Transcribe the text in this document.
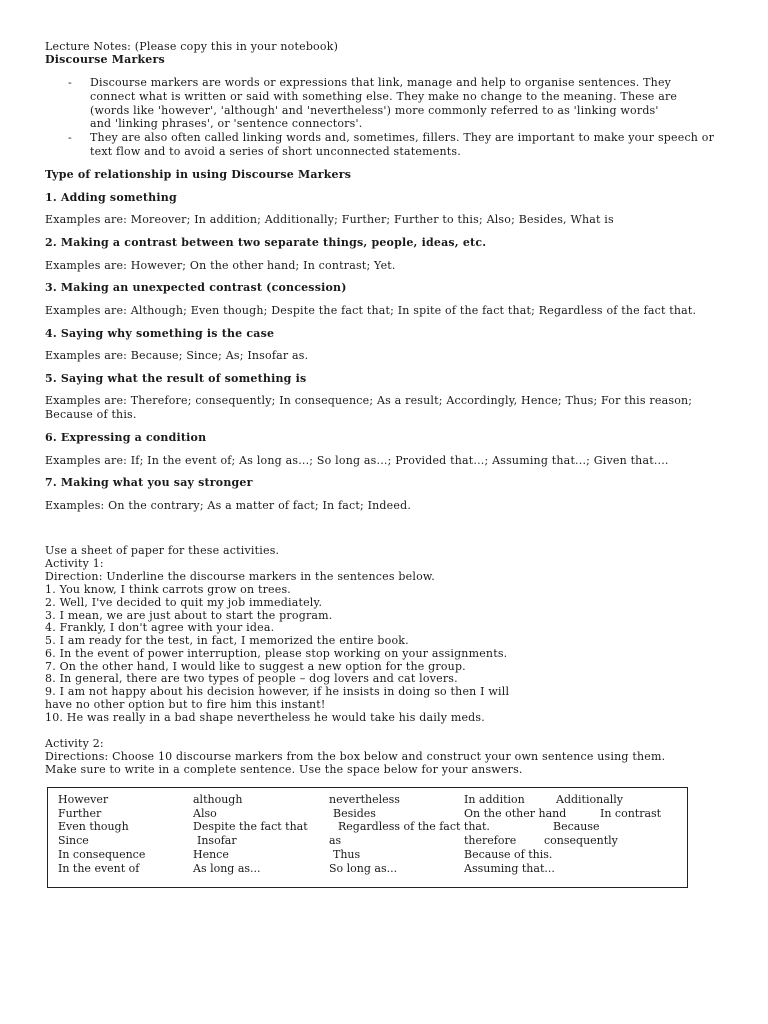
Lecture Notes: (Please copy this in your notebook)
Discourse Markers
- Discourse markers are words or expressions that link, manage and help to organise sentences. They
connect what is written or said with something else. They make no change to the meaning. These are
(words like 'however', 'although' and 'nevertheless') more commonly referred to as 'linking words'
and 'linking phrases', or 'sentence connectors'.
- They are also often called linking words and, sometimes, fillers. They are important to make your speech or
text flow and to avoid a series of short unconnected statements.
Type of relationship in using Discourse Markers
1. Adding something
Examples are: Moreover; In addition; Additionally; Further; Further to this; Also; Besides, What is
2. Making a contrast between two separate things, people, ideas, etc.
Examples are: However; On the other hand; In contrast; Yet.
3. Making an unexpected contrast (concession)
Examples are: Although; Even though; Despite the fact that; In spite of the fact that; Regardless of the fact that.
4. Saying why something is the case
Examples are: Because; Since; As; Insofar as.
5. Saying what the result of something is
Examples are: Therefore; consequently; In consequence; As a result; Accordingly, Hence; Thus; For this reason;
Because of this.
6. Expressing a condition
Examples are: If; In the event of; As long as...; So long as...; Provided that...; Assuming that...; Given that....
7. Making what you say stronger
Examples: On the contrary; As a matter of fact; In fact; Indeed.
Use a sheet of paper for these activities.
Activity 1:
Direction: Underline the discourse markers in the sentences below.
1. You know, I think carrots grow on trees.
2. Well, I've decided to quit my job immediately.
3. I mean, we are just about to start the program.
4. Frankly, I don't agree with your idea.
5. I am ready for the test, in fact, I memorized the entire book.
6. In the event of power interruption, please stop working on your assignments.
7. On the other hand, I would like to suggest a new option for the group.
8. In general, there are two types of people – dog lovers and cat lovers.
9. I am not happy about his decision however, if he insists in doing so then I will
have no other option but to fire him this instant!
10. He was really in a bad shape nevertheless he would take his daily meds.
Activity 2:
Directions: Choose 10 discourse markers from the box below and construct your own sentence using them.
Make sure to write in a complete sentence. Use the space below for your answers.
However	although	nevertheless	In addition	Additionally
Further	Also	Besides	On the other hand	In contrast
Even though	Despite the fact that	Regardless of the fact that.	Because
Since	Insofar	as	therefore	consequently
In consequence	Hence	Thus	Because of this.
In the event of	As long as...	So long as...	Assuming that...
